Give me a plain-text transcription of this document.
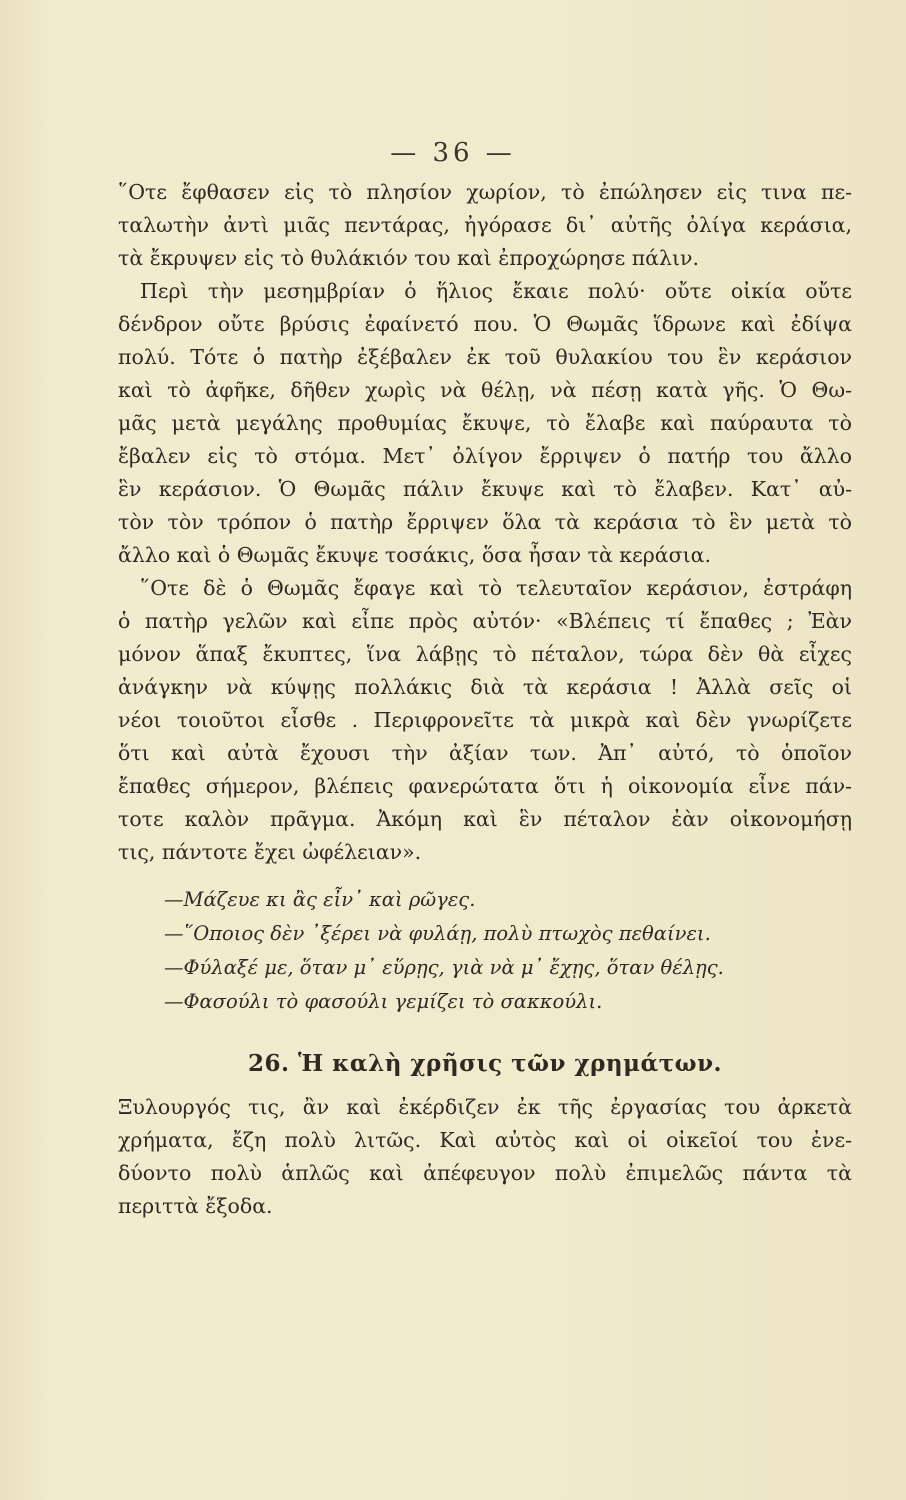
— 36 —
῞Οτε ἔφθασεν εἰς τὸ πλησίον χωρίον, τὸ ἐπώλησεν εἰς τινα πε-
ταλωτὴν ἀντὶ μιᾶς πεντάρας, ἠγόρασε δι᾽ αὐτῆς ὀλίγα κεράσια,
τὰ ἔκρυψεν εἰς τὸ θυλάκιόν του καὶ ἐπροχώρησε πάλιν.
Περὶ τὴν μεσημβρίαν ὁ ἥλιος ἔκαιε πολύ· οὔτε οἰκία οὔτε
δένδρον οὔτε βρύσις ἐφαίνετό που. Ὁ Θωμᾶς ἵδρωνε καὶ ἐδίψα
πολύ. Τότε ὁ πατὴρ ἐξέβαλεν ἐκ τοῦ θυλακίου του ἓν κεράσιον
καὶ τὸ ἀφῆκε, δῆθεν χωρὶς νὰ θέλῃ, νὰ πέσῃ κατὰ γῆς. Ὁ Θω-
μᾶς μετὰ μεγάλης προθυμίας ἔκυψε, τὸ ἔλαβε καὶ παύραυτα τὸ
ἔβαλεν εἰς τὸ στόμα. Μετ᾽ ὀλίγον ἔρριψεν ὁ πατήρ του ἄλλο
ἓν κεράσιον. Ὁ Θωμᾶς πάλιν ἔκυψε καὶ τὸ ἔλαβεν. Κατ᾽ αὐ-
τὸν τὸν τρόπον ὁ πατὴρ ἔρριψεν ὅλα τὰ κεράσια τὸ ἓν μετὰ τὸ
ἄλλο καὶ ὁ Θωμᾶς ἔκυψε τοσάκις, ὅσα ἦσαν τὰ κεράσια.
῞Οτε δὲ ὁ Θωμᾶς ἔφαγε καὶ τὸ τελευταῖον κεράσιον, ἐστράφη
ὁ πατὴρ γελῶν καὶ εἶπε πρὸς αὐτόν· «Βλέπεις τί ἔπαθες ; Ἐὰν
μόνον ἅπαξ ἔκυπτες, ἵνα λάβῃς τὸ πέταλον, τώρα δὲν θὰ εἶχες
ἀνάγκην νὰ κύψῃς πολλάκις διὰ τὰ κεράσια ! Ἀλλὰ σεῖς οἱ
νέοι τοιοῦτοι εἶσθε . Περιφρονεῖτε τὰ μικρὰ καὶ δὲν γνωρίζετε
ὅτι καὶ αὐτὰ ἔχουσι τὴν ἀξίαν των. Ἀπ᾽ αὐτό, τὸ ὁποῖον
ἔπαθες σήμερον, βλέπεις φανερώτατα ὅτι ἡ οἰκονομία εἶνε πάν-
τοτε καλὸν πρᾶγμα. Ἀκόμη καὶ ἓν πέταλον ἐὰν οἰκονομήσῃ
τις, πάντοτε ἔχει ὠφέλειαν».
—Μάζευε κι ἂς εἶν᾽ καὶ ρῶγες.
—῞Οποιος δὲν ᾽ξέρει νὰ φυλάῃ, πολὺ πτωχὸς πεθαίνει.
—Φύλαξέ με, ὅταν μ᾽ εὕρῃς, γιὰ νὰ μ᾽ ἔχῃς, ὅταν θέλῃς.
—Φασούλι τὸ φασούλι γεμίζει τὸ σακκούλι.
26. Ἡ καλὴ χρῆσις τῶν χρημάτων.
Ξυλουργός τις, ἂν καὶ ἐκέρδιζεν ἐκ τῆς ἐργασίας του ἀρκετὰ
χρήματα, ἔζη πολὺ λιτῶς. Καὶ αὐτὸς καὶ οἱ οἰκεῖοί του ἐνε-
δύοντο πολὺ ἁπλῶς καὶ ἀπέφευγον πολὺ ἐπιμελῶς πάντα τὰ
περιττὰ ἔξοδα.
